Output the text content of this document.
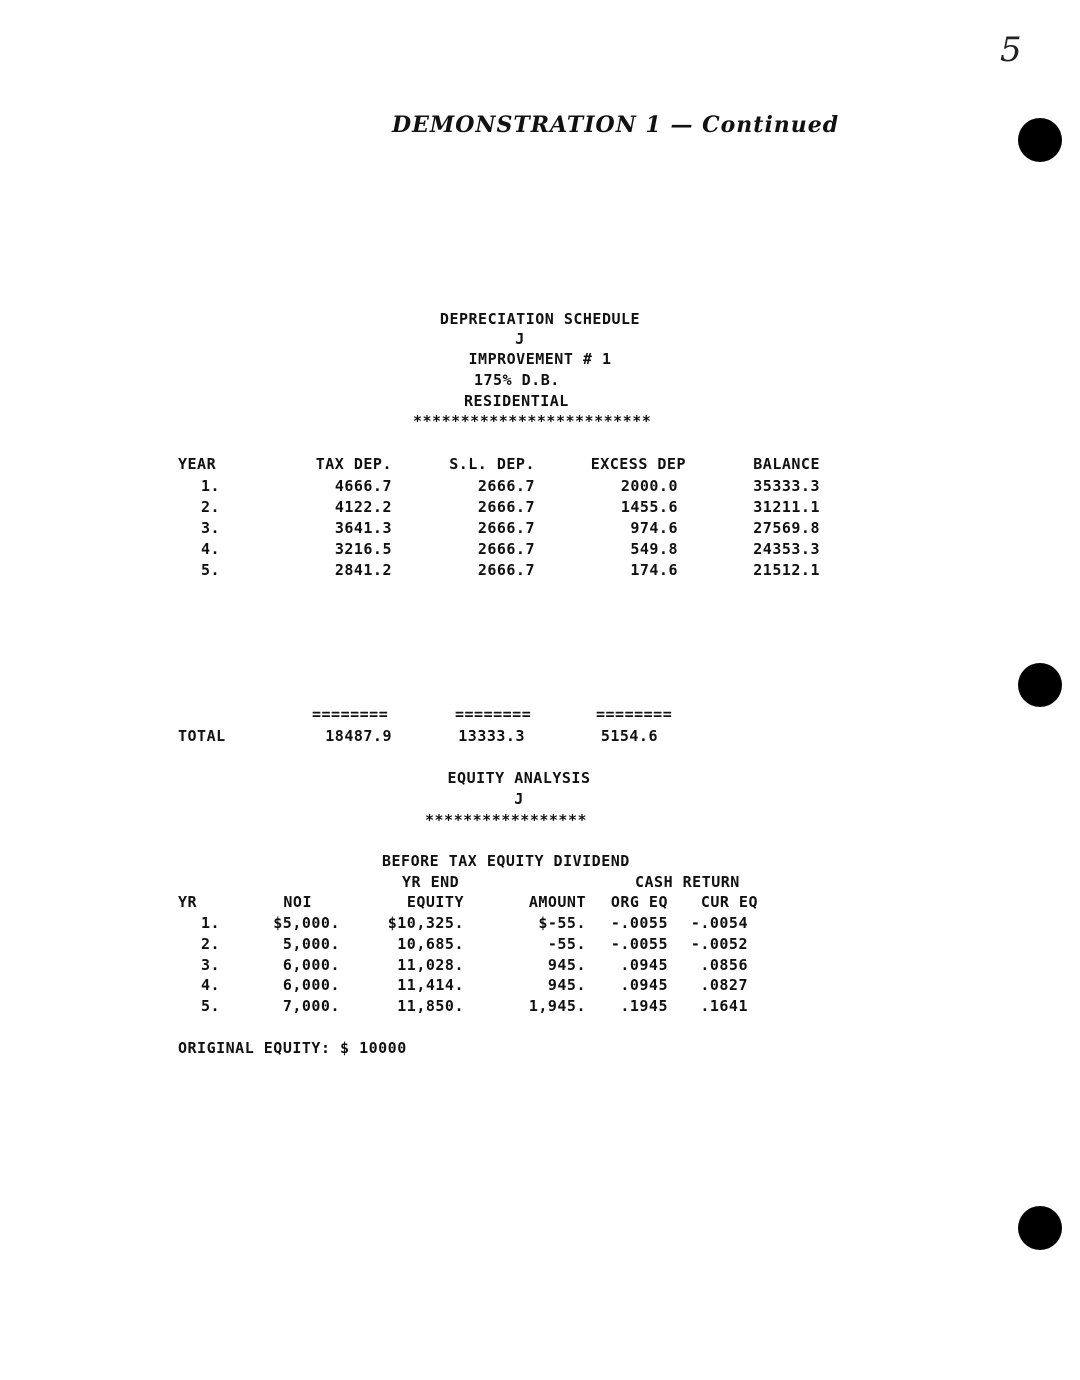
5
DEMONSTRATION 1 — Continued
DEPRECIATION SCHEDULE
J
IMPROVEMENT # 1
175% D.B.
RESIDENTIAL
*************************
YEAR	TAX DEP.	S.L. DEP.	EXCESS DEP	BALANCE
1.	4666.7	2666.7	2000.0	35333.3
2.	4122.2	2666.7	1455.6	31211.1
3.	3641.3	2666.7	974.6	27569.8
4.	3216.5	2666.7	549.8	24353.3
5.	2841.2	2666.7	174.6	21512.1
========	========	========
TOTAL	18487.9	13333.3	5154.6
EQUITY ANALYSIS
J
*****************
BEFORE TAX EQUITY DIVIDEND
YR END	CASH RETURN
YR	NOI	EQUITY	AMOUNT	ORG EQ	CUR EQ
1.	$5,000.	$10,325.	$-55.	-.0055	-.0054
2.	5,000.	10,685.	-55.	-.0055	-.0052
3.	6,000.	11,028.	945.	.0945	.0856
4.	6,000.	11,414.	945.	.0945	.0827
5.	7,000.	11,850.	1,945.	.1945	.1641
ORIGINAL EQUITY: $ 10000
